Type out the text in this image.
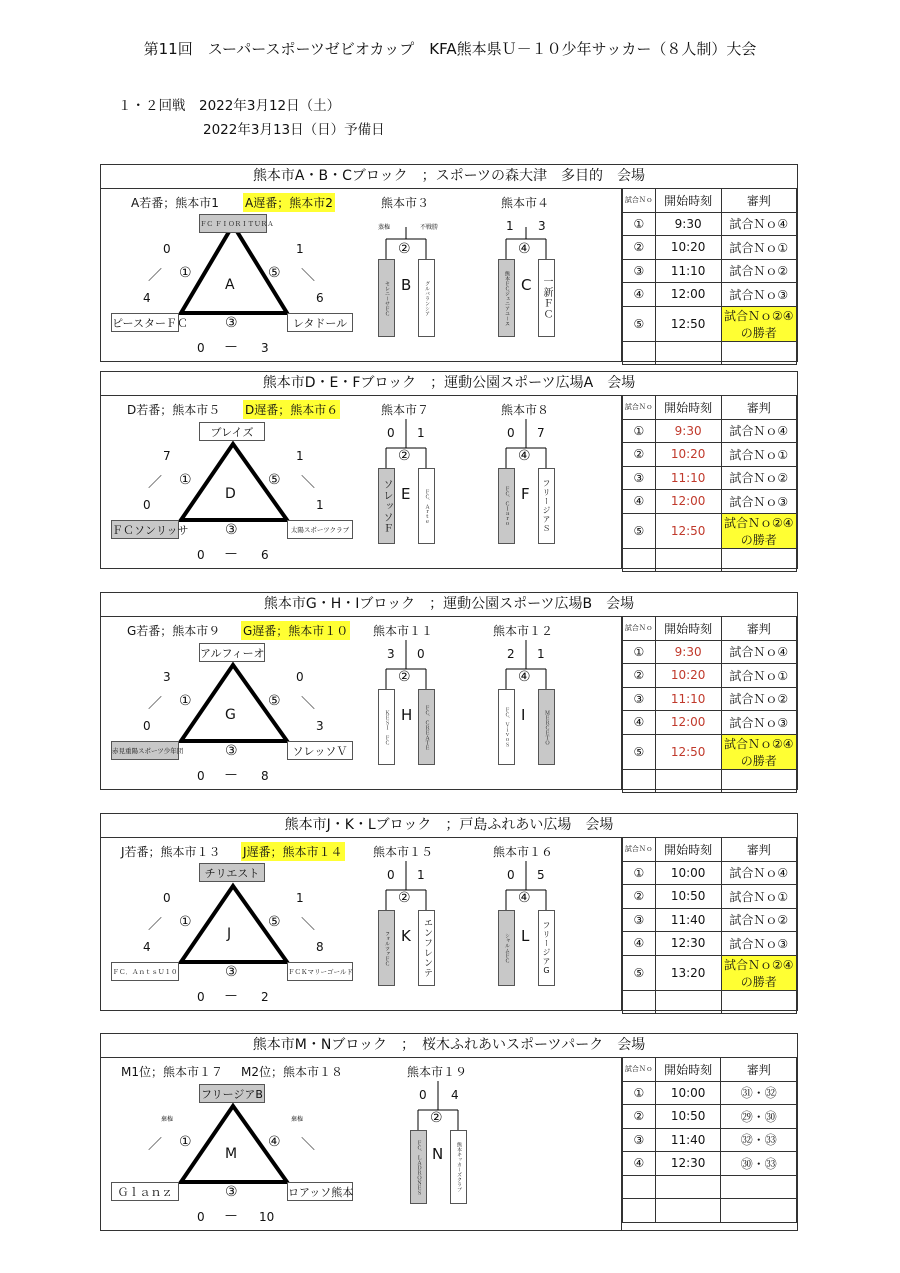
第11回　スーパースポーツゼビオカップ　KFA熊本県Ｕ－１０少年サッカー（８人制）大会
１・２回戦　2022年3月12日（土）
2022年3月13日（日）予備日
熊本市A・B・Cブロック　；スポーツの森大津　多目的　会場
A若番；熊本市1 A遅番；熊本市2
ＦＣ ＦＩＯＲＩＴＵＲＡ
ピースターＦＣ	レタドール
0	1
4	6
0 — 3
／ ①	⑤ ＼
A
③
熊本市３
蒸権	不戦勝
②
セレニーサＦＣ	グルバランシア
B
熊本市４
1 3
④
熊本ＦＣジュニアユース	一新ＦＣ
C
試合Ｎｏ	開始時刻	審判
①	9:30	試合Ｎｏ④
②	10:20	試合Ｎｏ①
③	11:10	試合Ｎｏ②
④	12:00	試合Ｎｏ③
⑤	12:50	試合Ｎｏ②④の勝者

熊本市D・E・Fブロック　；運動公園スポーツ広場A　会場
D若番；熊本市５ D遅番；熊本市６
ブレイズ
ＦＣソンリッサ	太陽スポーツクラブ
7	1
0	1
0 — 6
／ ①	⑤ ＼
D
③
熊本市７
0 1
②
ソレッソＦ	ＦＣ．Ａｒｔｅ
E
熊本市８
0 7
④
ＦＣ．Ｃｌａｒｏ	フリージアＳ
F
試合Ｎｏ	開始時刻	審判
①	9:30	試合Ｎｏ④
②	10:20	試合Ｎｏ①
③	11:10	試合Ｎｏ②
④	12:00	試合Ｎｏ③
⑤	12:50	試合Ｎｏ②④の勝者

熊本市G・H・Iブロック　；運動公園スポーツ広場B　会場
G若番；熊本市９ G遅番；熊本市１０
アルフィーオ
赤見重陽スポーツ少年団	ソレッソＶ
3	0
0	3
0 — 8
／ ①	⑤ ＼
G
③
熊本市１１
3 0
②
ＫＥＳＩ　ＦＣ	ＦＣ．ＣＲＥＡＴＥ
H
熊本市１２
2 1
④
ＦＣ．ＶｉｖｏＳ	ＭＥＲＣＥＴＯ
I
試合Ｎｏ	開始時刻	審判
①	9:30	試合Ｎｏ④
②	10:20	試合Ｎｏ①
③	11:10	試合Ｎｏ②
④	12:00	試合Ｎｏ③
⑤	12:50	試合Ｎｏ②④の勝者

熊本市J・K・Lブロック　；戸島ふれあい広場　会場
J若番；熊本市１３ J遅番；熊本市１４
チリエスト
ＦＣ．ＡｎｔｓＵ１０	ＦＣＫマリーゴールド
0	1
4	8
0 — 2
／ ①	⑤ ＼
J
③
熊本市１５
0 1
②
フォルツァＦＣ	エンフレンテ
K
熊本市１６
0 5
④
シャルムＦＣ	フリージアG
L
試合Ｎｏ	開始時刻	審判
①	10:00	試合Ｎｏ④
②	10:50	試合Ｎｏ①
③	11:40	試合Ｎｏ②
④	12:30	試合Ｎｏ③
⑤	13:20	試合Ｎｏ②④の勝者

熊本市M・Nブロック　；　桜木ふれあいスポーツパーク　会場
M1位；熊本市１７ M2位；熊本市１８
フリージアB
Ｇｌａｎｚ	ロアッソ熊本
棄権	棄権
0 — 10
／ ①	④ ＼
M
③
熊本市１９
0 4
②
ＦＣ．ＬＡＤＲＯＮＥＳ	熊本キッカーズクラブ
N
試合Ｎｏ	開始時刻	審判
①	10:00	㉛・㉜
②	10:50	㉙・㉚
③	11:40	㉜・㉝
④	12:30	㉚・㉝
